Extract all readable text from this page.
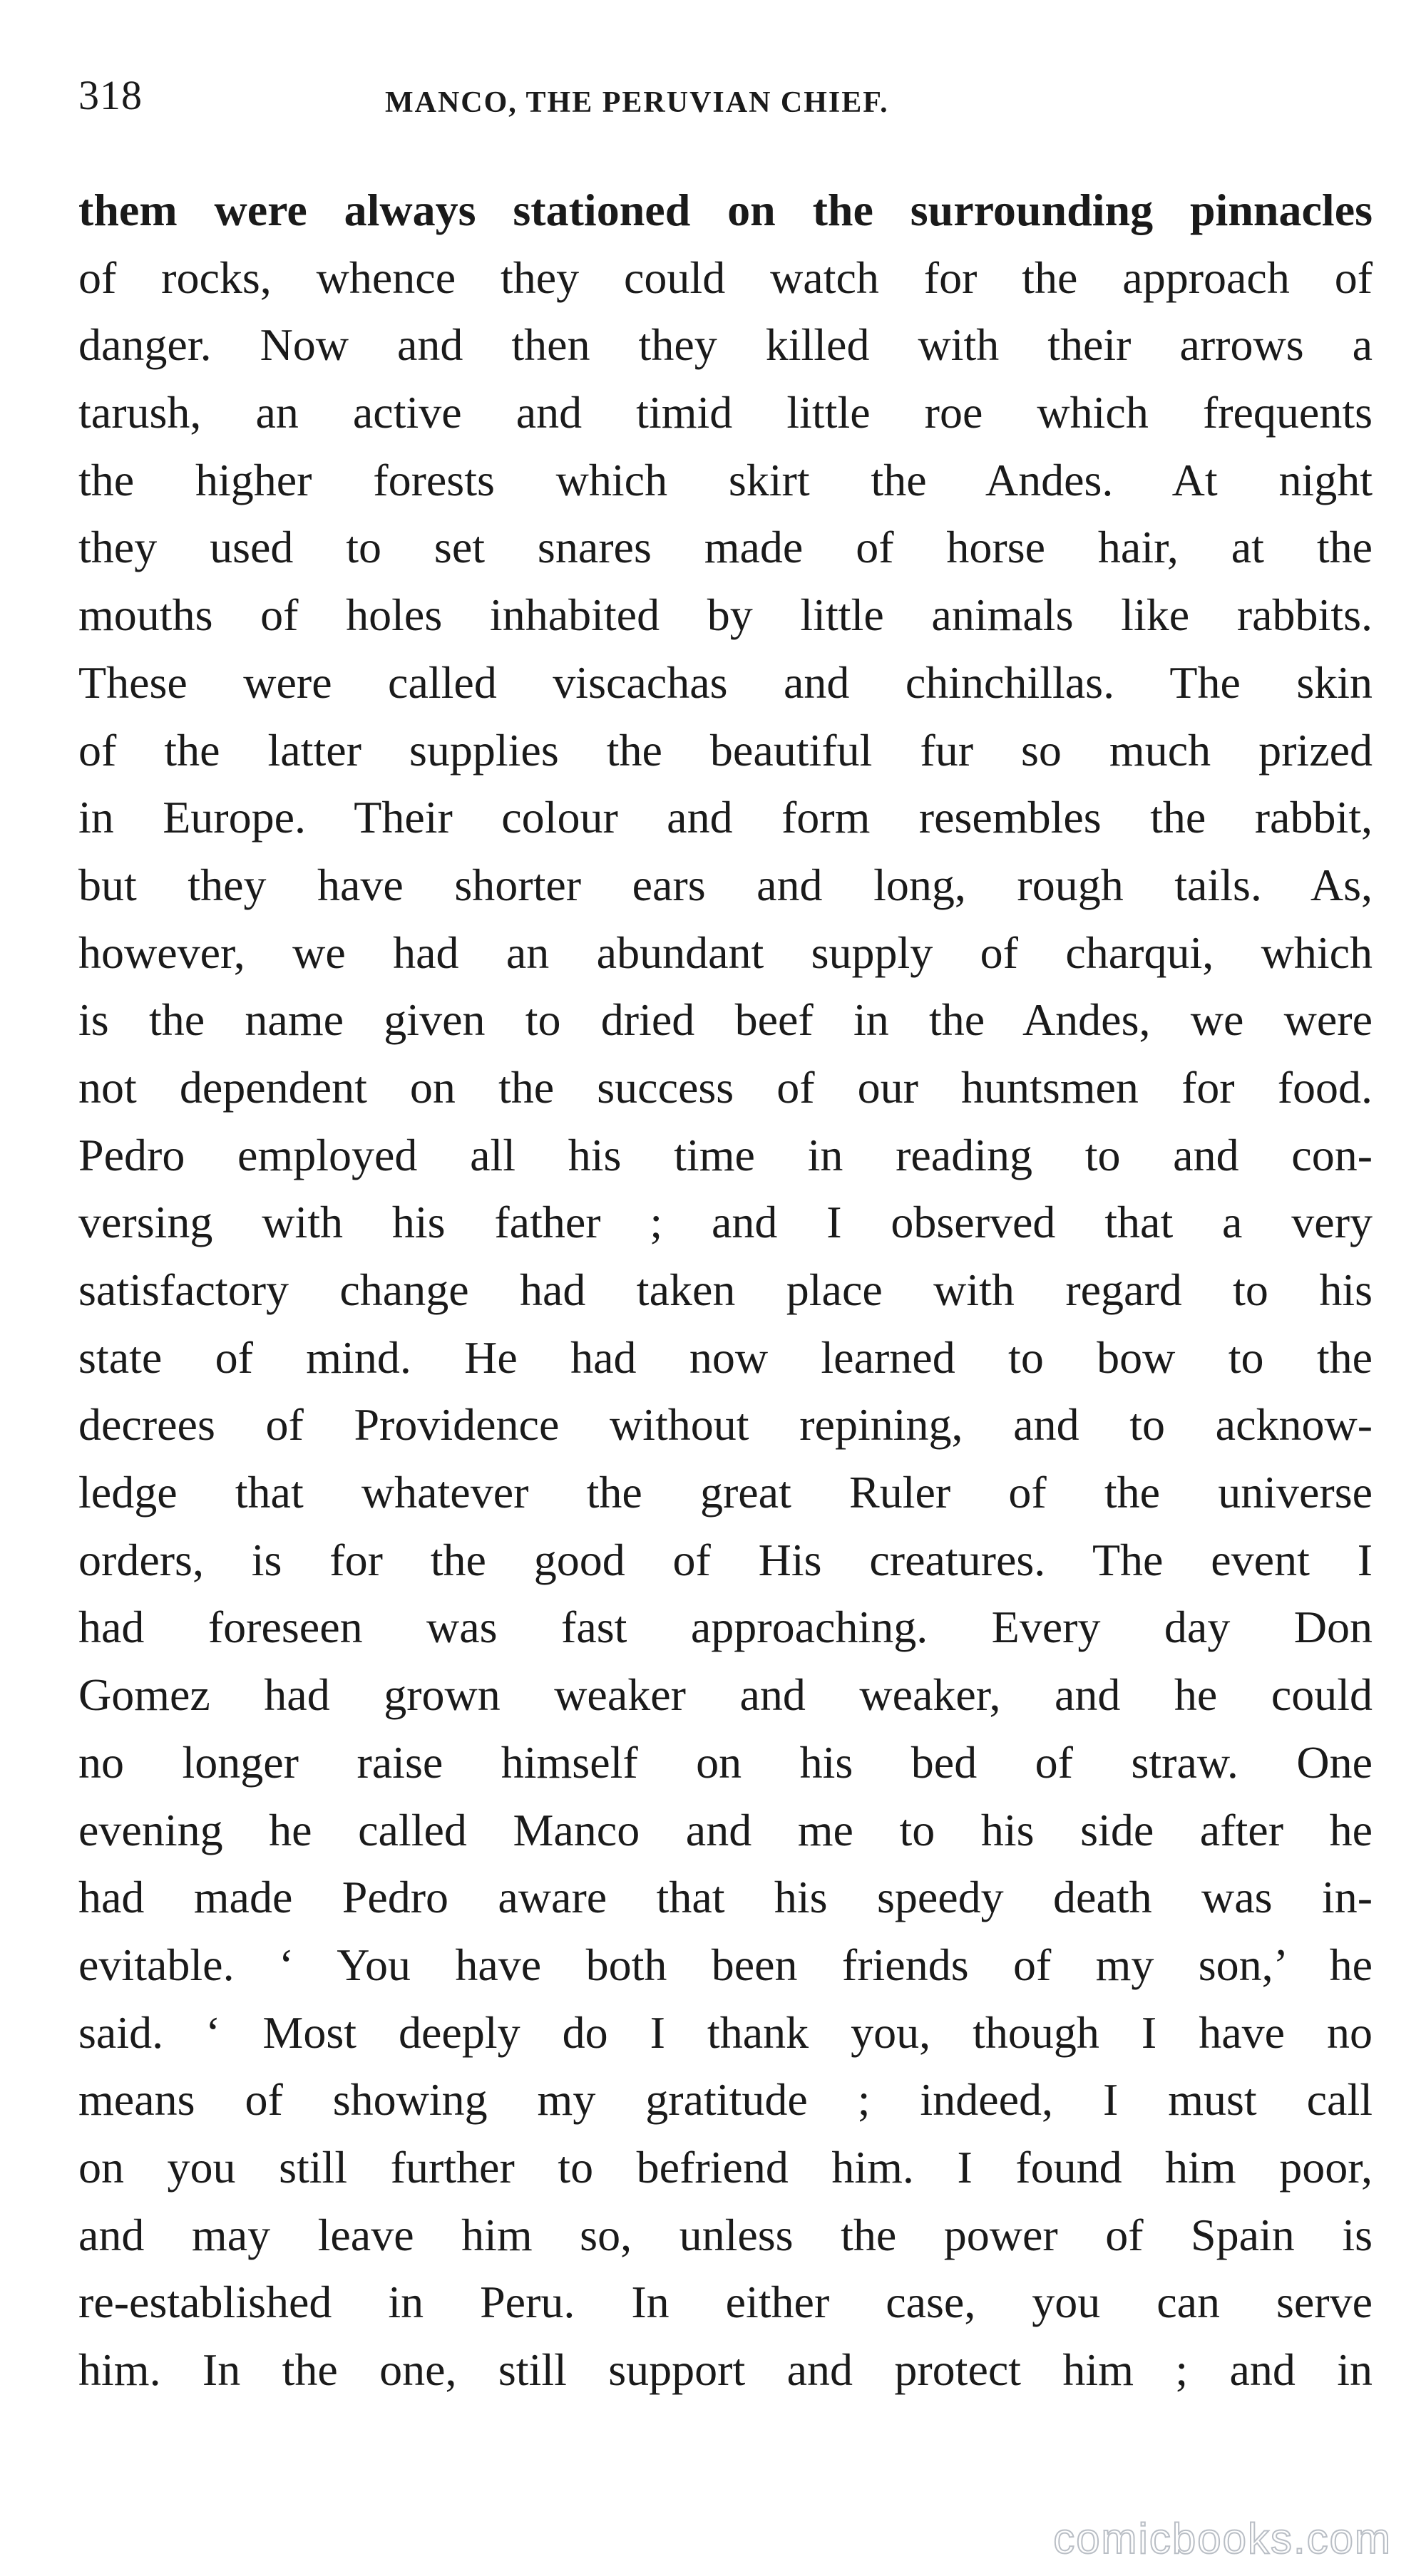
318	MANCO, THE PERUVIAN CHIEF.
them were always stationed on the surrounding pinnacles
of rocks, whence they could watch for the approach of
danger. Now and then they killed with their arrows a
tarush, an active and timid little roe which frequents
the higher forests which skirt the Andes. At night
they used to set snares made of horse hair, at the
mouths of holes inhabited by little animals like rabbits.
These were called viscachas and chinchillas. The skin
of the latter supplies the beautiful fur so much prized
in Europe. Their colour and form resembles the rabbit,
but they have shorter ears and long, rough tails. As,
however, we had an abundant supply of charqui, which
is the name given to dried beef in the Andes, we were
not dependent on the success of our huntsmen for food.
Pedro employed all his time in reading to and con-
versing with his father ; and I observed that a very
satisfactory change had taken place with regard to his
state of mind. He had now learned to bow to the
decrees of Providence without repining, and to acknow-
ledge that whatever the great Ruler of the universe
orders, is for the good of His creatures. The event I
had foreseen was fast approaching. Every day Don
Gomez had grown weaker and weaker, and he could
no longer raise himself on his bed of straw. One
evening he called Manco and me to his side after he
had made Pedro aware that his speedy death was in-
evitable. ‘ You have both been friends of my son,’ he
said. ‘ Most deeply do I thank you, though I have no
means of showing my gratitude ; indeed, I must call
on you still further to befriend him. I found him poor,
and may leave him so, unless the power of Spain is
re-established in Peru. In either case, you can serve
him. In the one, still support and protect him ; and in
comicbooks.com
